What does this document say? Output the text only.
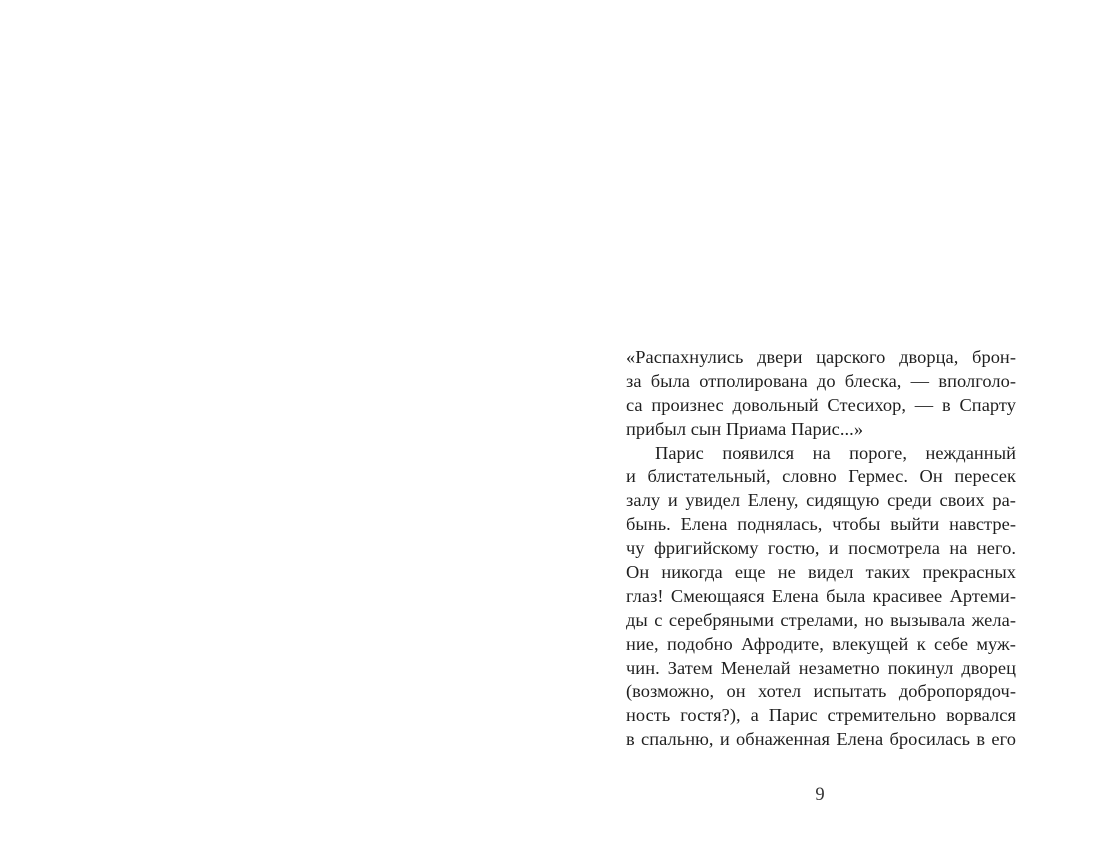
«Распахнулись двери царского дворца, брон-
за была отполирована до блеска, — вполголо-
са произнес довольный Стесихор, — в Спарту
прибыл сын Приама Парис...»
Парис появился на пороге, нежданный
и блистательный, словно Гермес. Он пересек
залу и увидел Елену, сидящую среди своих ра-
бынь. Елена поднялась, чтобы выйти навстре-
чу фригийскому гостю, и посмотрела на него.
Он никогда еще не видел таких прекрасных
глаз! Смеющаяся Елена была красивее Артеми-
ды с серебряными стрелами, но вызывала жела-
ние, подобно Афродите, влекущей к себе муж-
чин. Затем Менелай незаметно покинул дворец
(возможно, он хотел испытать добропорядоч-
ность гостя?), а Парис стремительно ворвался
в спальню, и обнаженная Елена бросилась в его
9
